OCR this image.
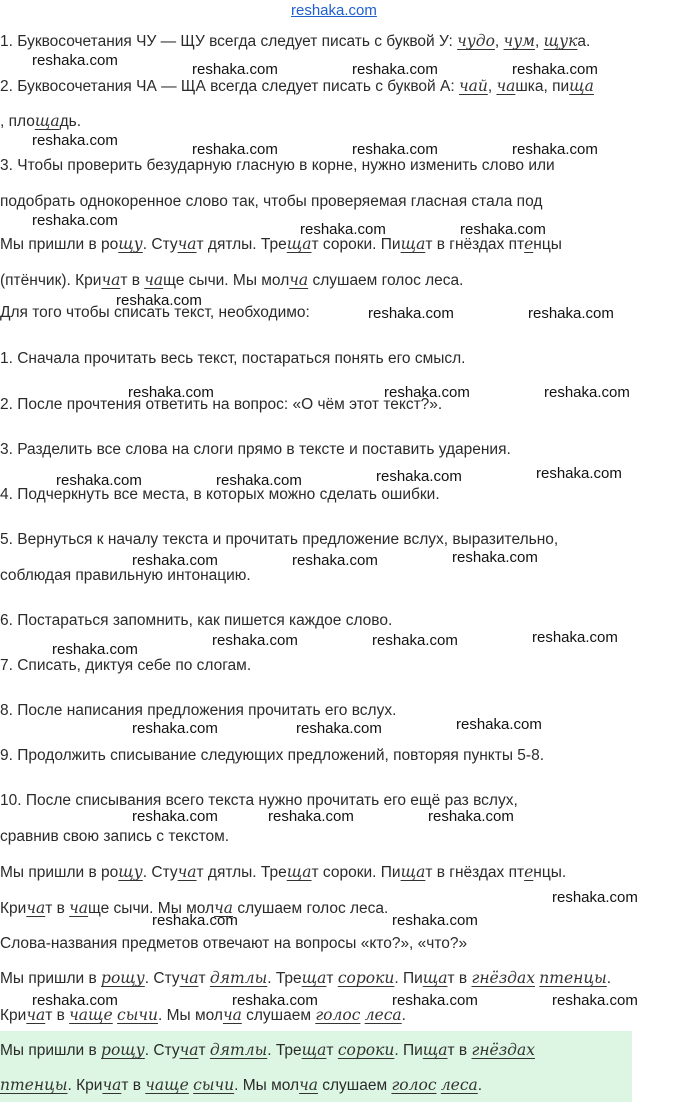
reshaka.com
1. Буквосочетания ЧУ — ЩУ всегда следует писать с буквой У: чудо, чум, щука.
2. Буквосочетания ЧА — ЩА всегда следует писать с буквой А: чай, чашка, пища
, площадь.
3. Чтобы проверить безударную гласную в корне, нужно изменить слово или
подобрать однокоренное слово так, чтобы проверяемая гласная стала под
Мы пришли в рощу. Стучат дятлы. Трещат сороки. Пищат в гнёздах птенцы
(птёнчик). Кричат в чаще сычи. Мы молча слушаем голос леса.
Для того чтобы списать текст, необходимо:
1. Сначала прочитать весь текст, постараться понять его смысл.
2. После прочтения ответить на вопрос: «О чём этот текст?».
3. Разделить все слова на слоги прямо в тексте и поставить ударения.
4. Подчеркнуть все места, в которых можно сделать ошибки.
5. Вернуться к началу текста и прочитать предложение вслух, выразительно,
соблюдая правильную интонацию.
6. Постараться запомнить, как пишется каждое слово.
7. Списать, диктуя себе по слогам.
8. После написания предложения прочитать его вслух.
9. Продолжить списывание следующих предложений, повторяя пункты 5-8.
10. После списывания всего текста нужно прочитать его ещё раз вслух,
сравнив свою запись с текстом.
Мы пришли в рощу. Стучат дятлы. Трещат сороки. Пищат в гнёздах птенцы.
Кричат в чаще сычи. Мы молча слушаем голос леса.
Слова-названия предметов отвечают на вопросы «кто?», «что?»
Мы пришли в рощу. Стучат дятлы. Трещат сороки. Пищат в гнёздах птенцы.
Кричат в чаще сычи. Мы молча слушаем голос леса.
Мы пришли в рощу. Стучат дятлы. Трещат сороки. Пищат в гнёздах
птенцы. Кричат в чаще сычи. Мы молча слушаем голос леса.
reshaka.com
reshaka.com	reshaka.com	reshaka.com
reshaka.com
reshaka.com	reshaka.com	reshaka.com
reshaka.com
reshaka.com	reshaka.com
reshaka.com
reshaka.com	reshaka.com
reshaka.com	reshaka.com	reshaka.com
reshaka.com	reshaka.com	reshaka.com	reshaka.com
reshaka.com	reshaka.com	reshaka.com
reshaka.com
reshaka.com	reshaka.com	reshaka.com
reshaka.com	reshaka.com	reshaka.com
reshaka.com	reshaka.com	reshaka.com
reshaka.com
reshaka.com	reshaka.com
reshaka.com	reshaka.com	reshaka.com	reshaka.com
